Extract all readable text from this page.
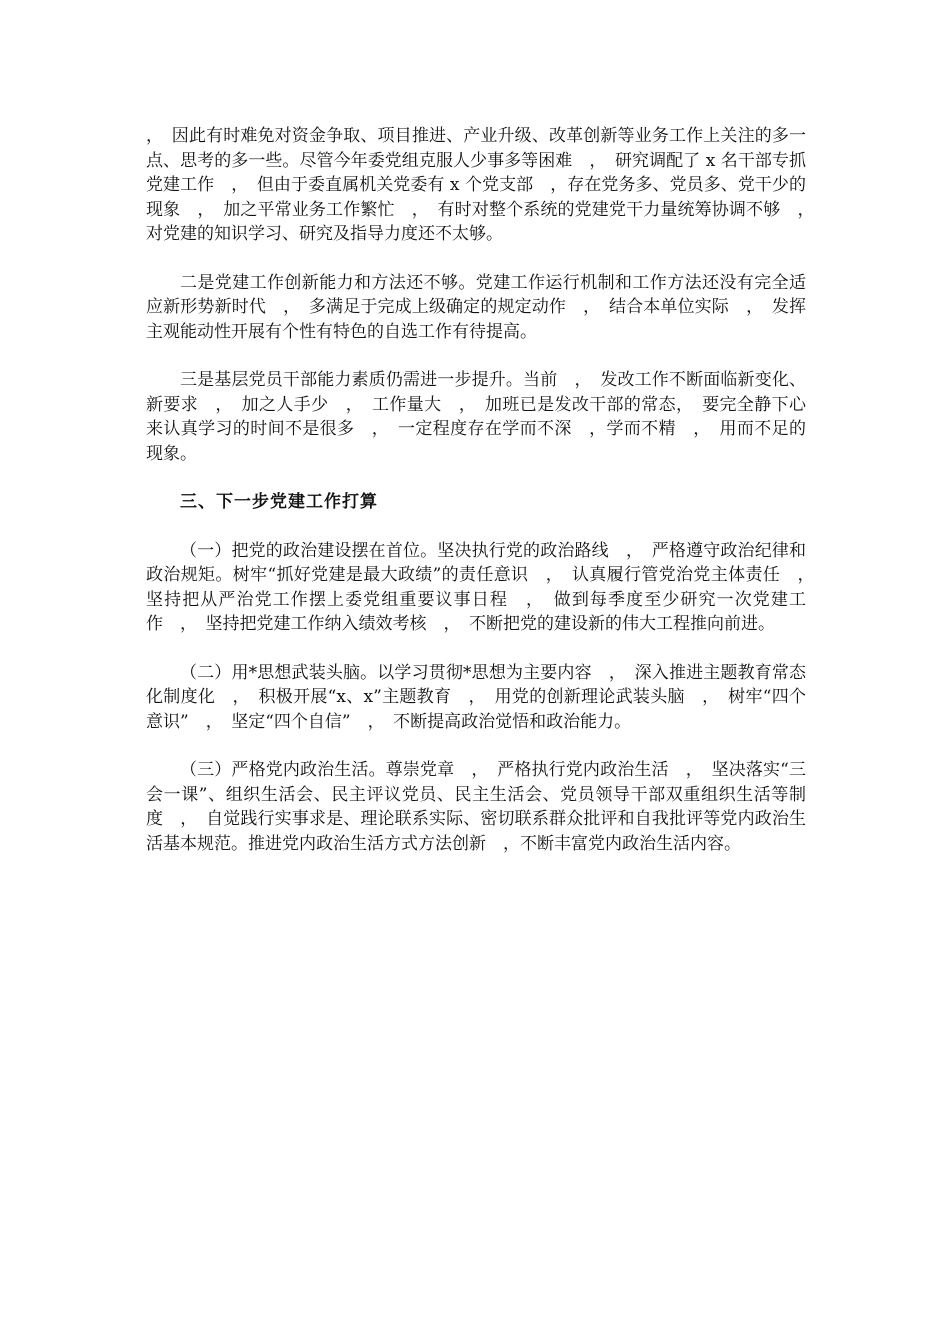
，　因此有时难免对资金争取、项目推进、产业升级、改革创新等业务工作上关注的多一点、思考的多一些。尽管今年委党组克服人少事多等困难　，　研究调配了 x 名干部专抓党建工作　，　但由于委直属机关党委有 x 个党支部　，存在党务多、党员多、党干少的现象　，　加之平常业务工作繁忙　，　有时对整个系统的党建党干力量统筹协调不够　，　对党建的知识学习、研究及指导力度还不太够。

二是党建工作创新能力和方法还不够。党建工作运行机制和工作方法还没有完全适应新形势新时代　，　多满足于完成上级确定的规定动作　，　结合本单位实际　，　发挥主观能动性开展有个性有特色的自选工作有待提高。

三是基层党员干部能力素质仍需进一步提升。当前　，　发改工作不断面临新变化、新要求　，　加之人手少　，　工作量大　，　加班已是发改干部的常态，　要完全静下心来认真学习的时间不是很多　，　一定程度存在学而不深　，学而不精　，　用而不足的现象。

三、下一步党建工作打算

（一）把党的政治建设摆在首位。坚决执行党的政治路线　，　严格遵守政治纪律和政治规矩。树牢“抓好党建是最大政绩”的责任意识　，　认真履行管党治党主体责任　，　坚持把从严治党工作摆上委党组重要议事日程　，　做到每季度至少研究一次党建工作　，　坚持把党建工作纳入绩效考核　，　不断把党的建设新的伟大工程推向前进。

（二）用*思想武装头脑。以学习贯彻*思想为主要内容　，　深入推进主题教育常态化制度化　，　积极开展“x、x”主题教育　，　用党的创新理论武装头脑　，　树牢“四个意识”　，　坚定“四个自信”　，　不断提高政治觉悟和政治能力。

（三）严格党内政治生活。尊崇党章　，　严格执行党内政治生活　，　坚决落实“三会一课”、组织生活会、民主评议党员、民主生活会、党员领导干部双重组织生活等制度　，　自觉践行实事求是、理论联系实际、密切联系群众批评和自我批评等党内政治生活基本规范。推进党内政治生活方式方法创新　，不断丰富党内政治生活内容。
